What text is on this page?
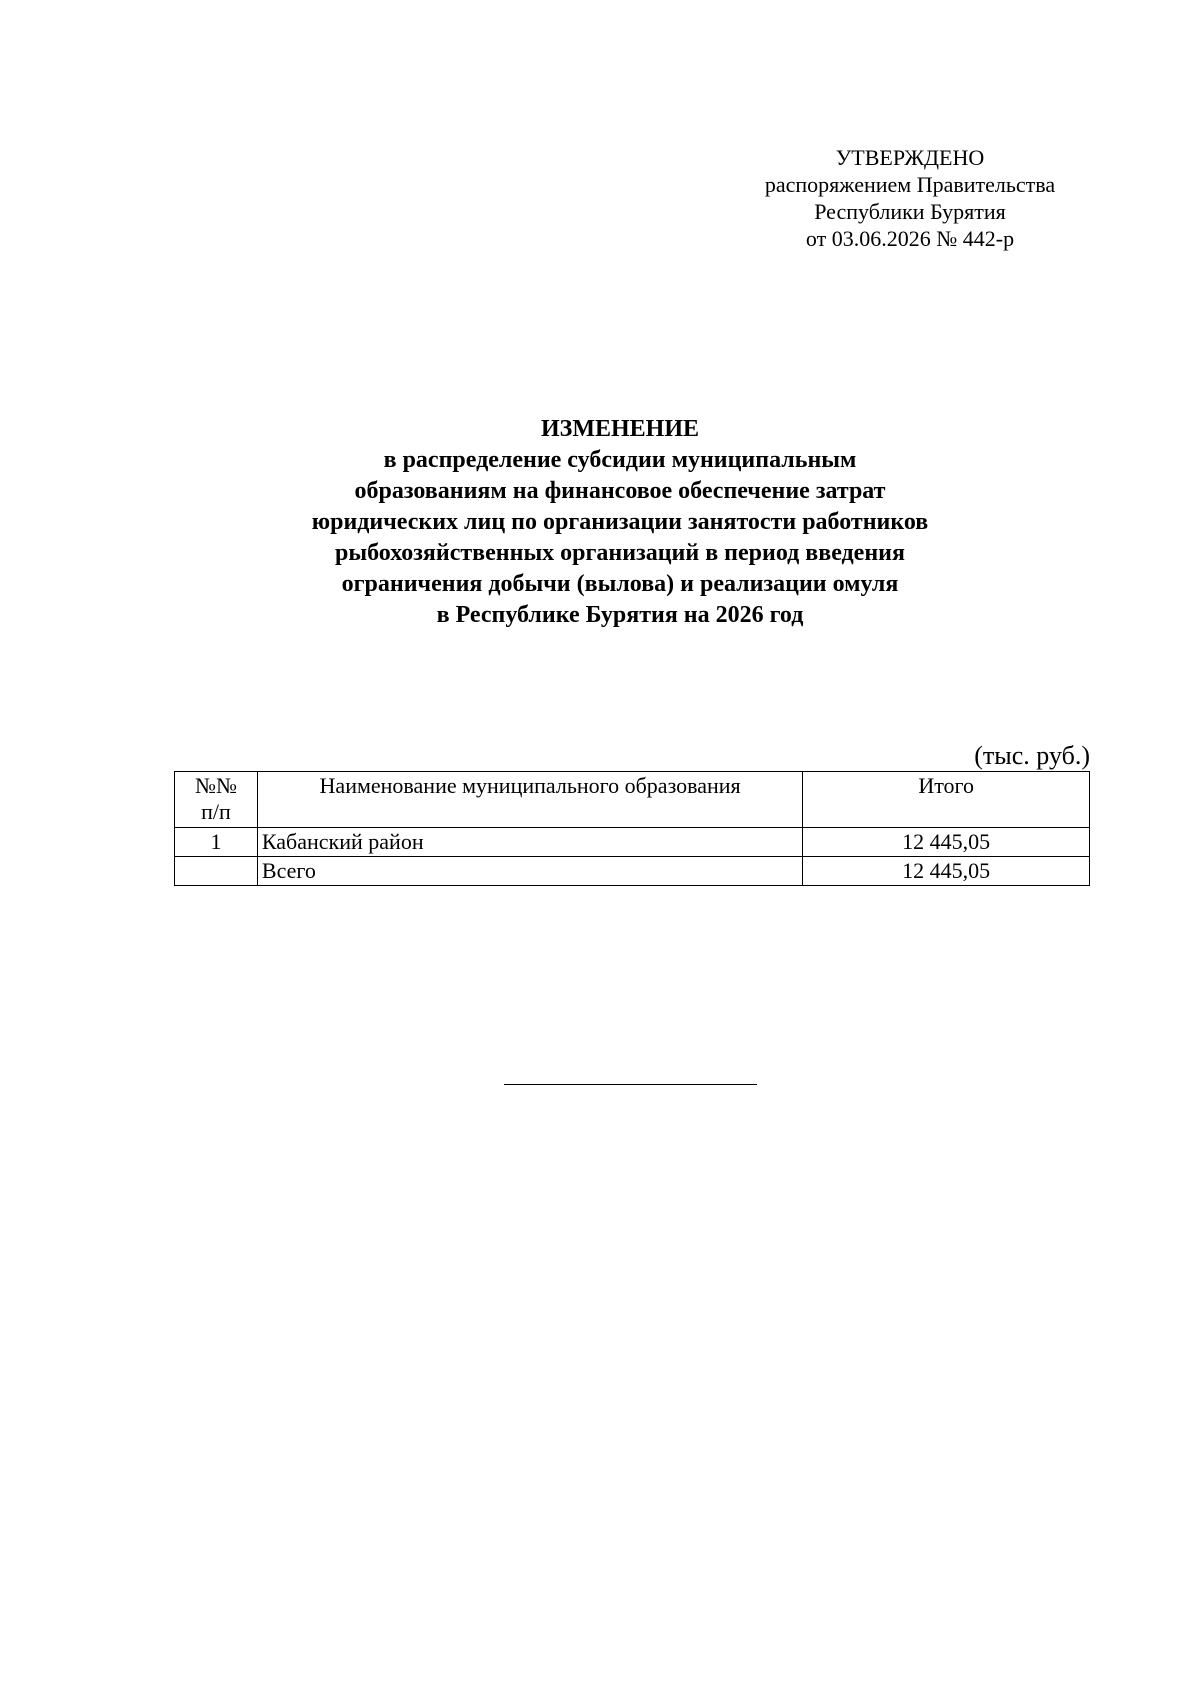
УТВЕРЖДЕНО
распоряжением Правительства
Республики Бурятия
от 03.06.2026 № 442-р
ИЗМЕНЕНИЕ
в распределение субсидии муниципальным
образованиям на финансовое обеспечение затрат
юридических лиц по организации занятости работников
рыбохозяйственных организаций в период введения
ограничения добычи (вылова) и реализации омуля
в Республике Бурятия на 2026 год
(тыс. руб.)
№№
п/п	Наименование муниципального образования	Итого
1	Кабанский район	12 445,05
	Всего	12 445,05
